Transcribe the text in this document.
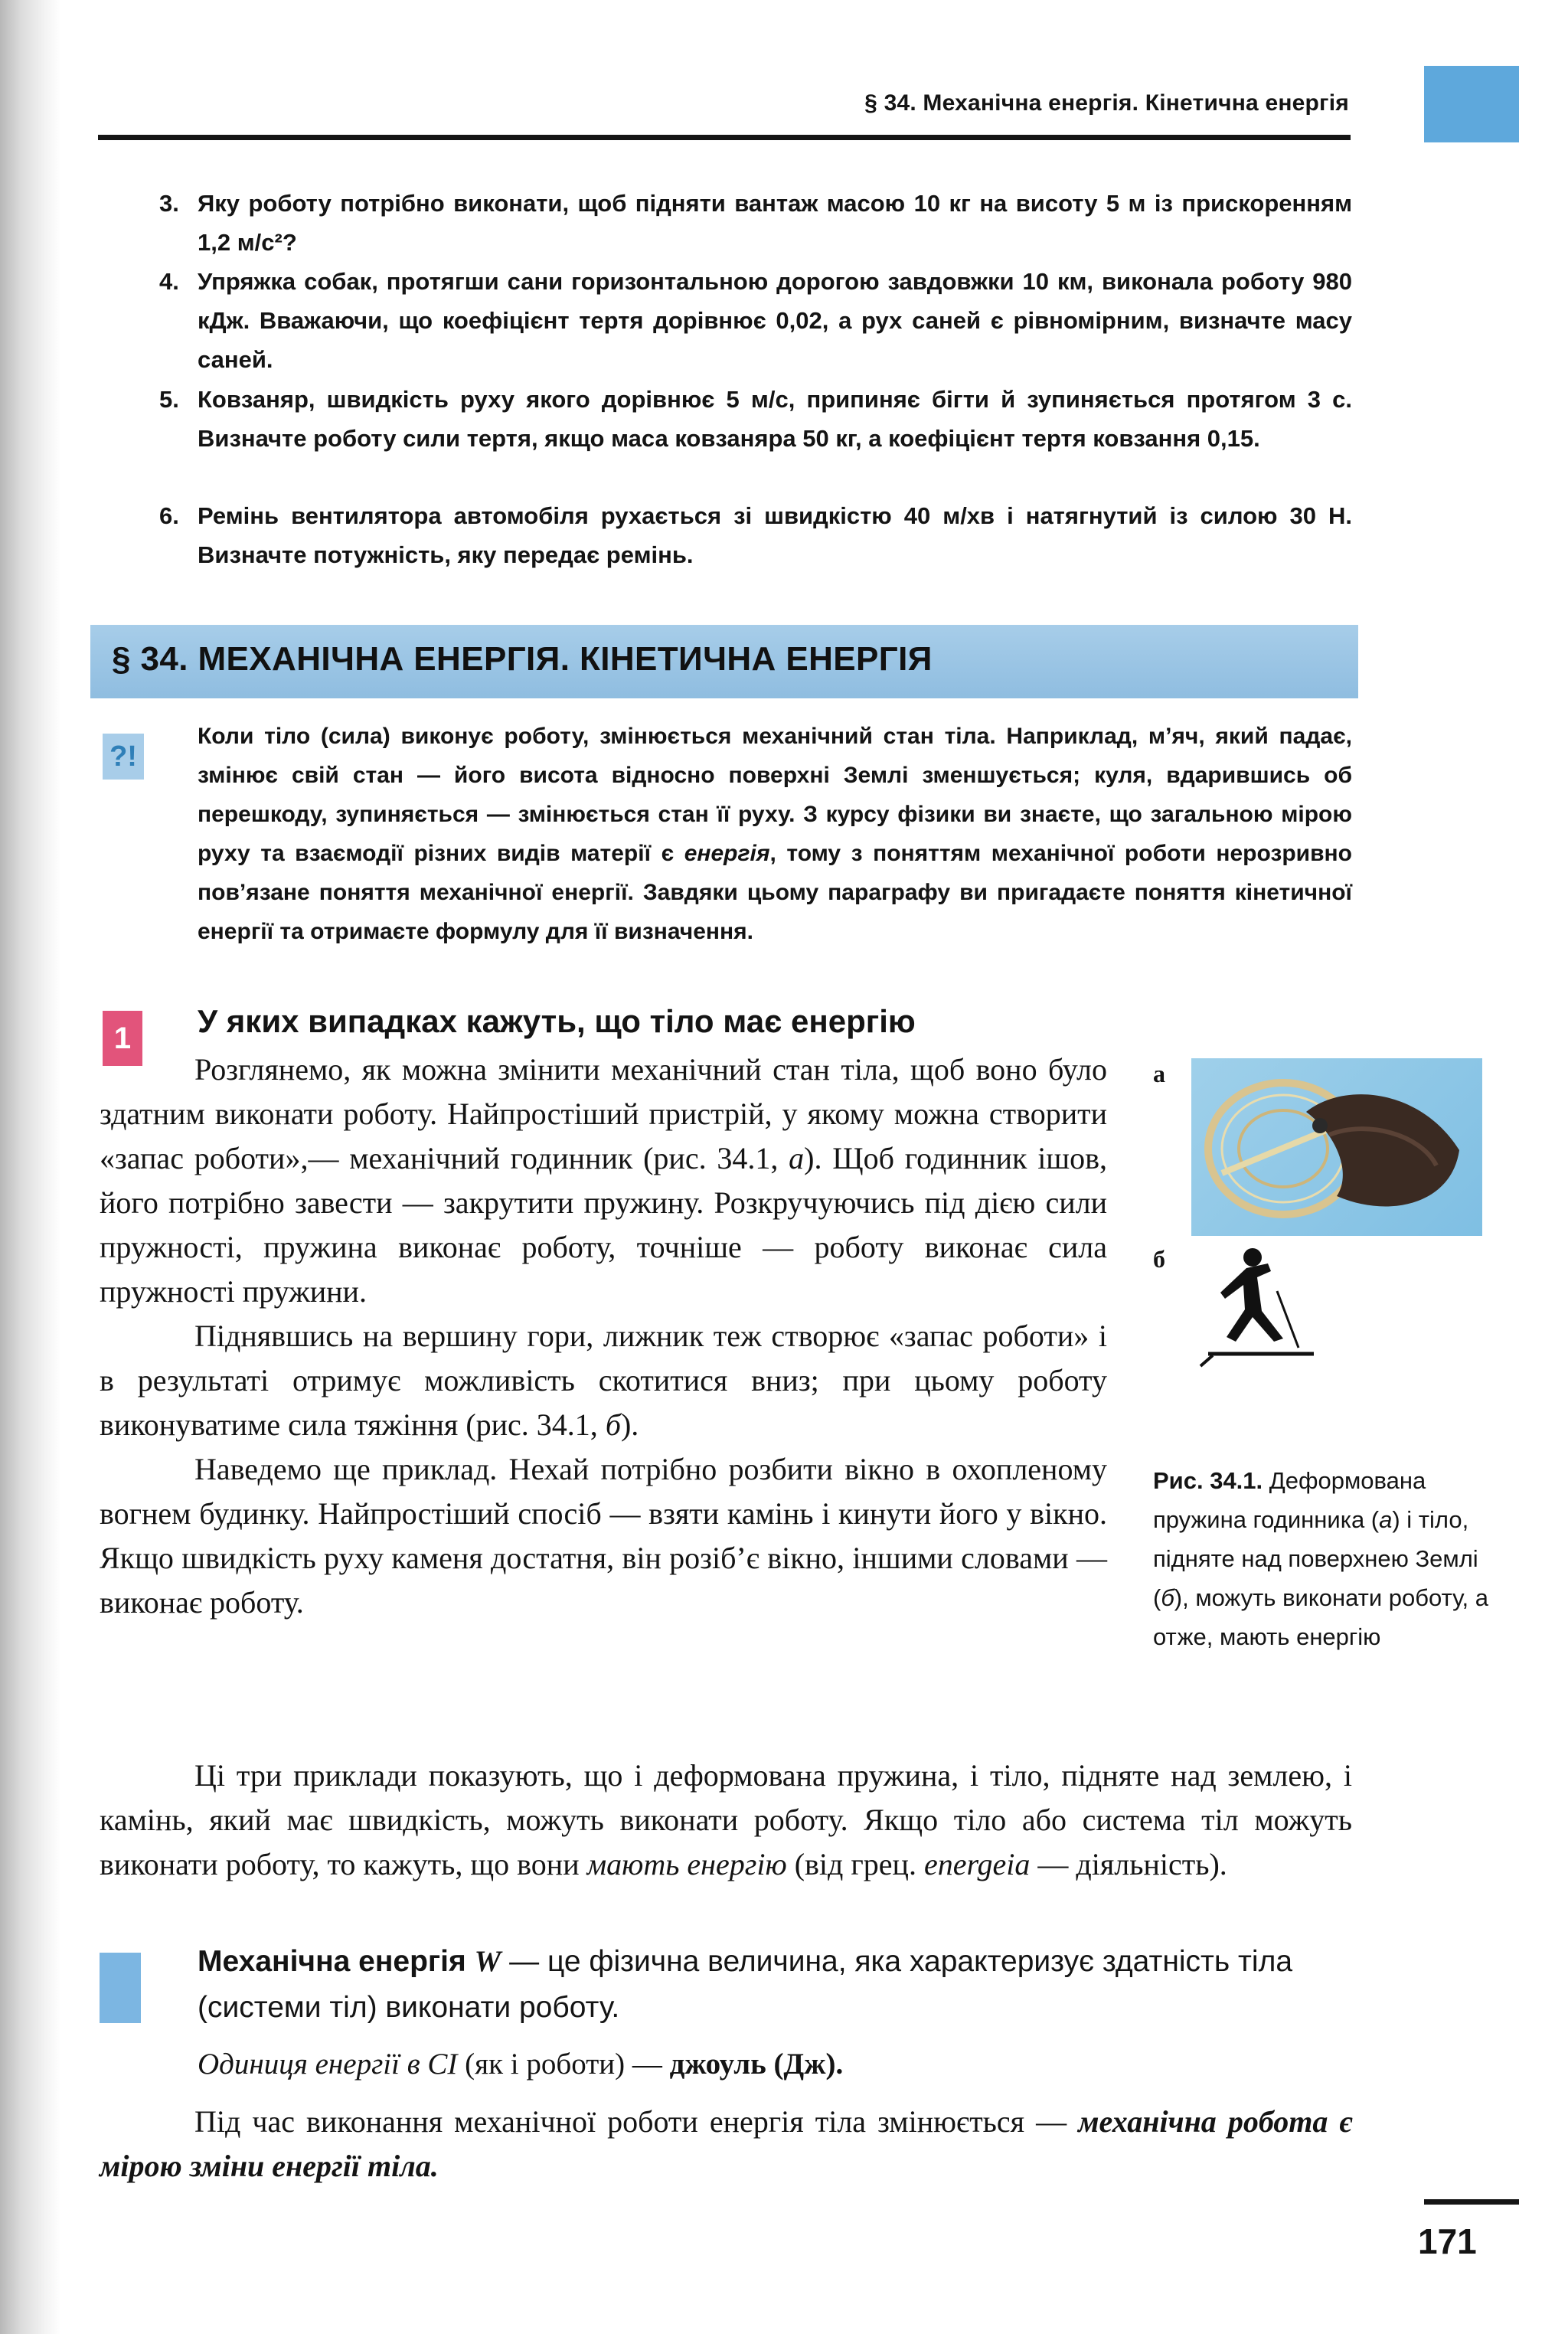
§ 34. Механічна енергія. Кінетична енергія
3. Яку роботу потрібно виконати, щоб підняти вантаж масою 10 кг на висоту 5 м із прискоренням 1,2 м/с²?
4. Упряжка собак, протягши сани горизонтальною дорогою завдовжки 10 км, виконала роботу 980 кДж. Вважаючи, що коефіцієнт тертя дорівнює 0,02, а рух саней є рівномірним, визначте масу саней.
5. Ковзаняр, швидкість руху якого дорівнює 5 м/с, припиняє бігти й зупиняється протягом 3 с. Визначте роботу сили тертя, якщо маса ковзаняра 50 кг, а коефіцієнт тертя ковзання 0,15.
6. Ремінь вентилятора автомобіля рухається зі швидкістю 40 м/хв і натягнутий із силою 30 Н. Визначте потужність, яку передає ремінь.
§ 34. МЕХАНІЧНА ЕНЕРГІЯ. КІНЕТИЧНА ЕНЕРГІЯ
?!
Коли тіло (сила) виконує роботу, змінюється механічний стан тіла. Наприклад, м’яч, який падає, змінює свій стан — його висота відносно поверхні Землі зменшується; куля, вдарившись об перешкоду, зупиняється — змінюється стан її руху. З курсу фізики ви знаєте, що загальною мірою руху та взаємодії різних видів матерії є енергія, тому з поняттям механічної роботи нерозривно пов’язане поняття механічної енергії. Завдяки цьому параграфу ви пригадаєте поняття кінетичної енергії та отримаєте формулу для її визначення.
1	У яких випадках кажуть, що тіло має енергію

Розглянемо, як можна змінити механічний стан тіла, щоб воно було здатним виконати роботу. Найпростіший пристрій, у якому можна створити «запас роботи»,— механічний годинник (рис. 34.1, а). Щоб годинник ішов, його потрібно завести — закрутити пружину. Розкручуючись під дією сили пружності, пружина виконає роботу, точніше — роботу виконає сила пружності пружини.

Піднявшись на вершину гори, лижник теж створює «запас роботи» і в результаті отримує можливість скотитися вниз; при цьому роботу виконуватиме сила тяжіння (рис. 34.1, б).

Наведемо ще приклад. Нехай потрібно розбити вікно в охопленому вогнем будинку. Найпростіший спосіб — взяти камінь і кинути його у вікно. Якщо швидкість руху каменя достатня, він розіб’є вікно, іншими словами — виконає роботу.

Ці три приклади показують, що і деформована пружина, і тіло, підняте над землею, і камінь, який має швидкість, можуть виконати роботу. Якщо тіло або система тіл можуть виконати роботу, то кажуть, що вони мають енергію (від грец. energeia — діяльність).

а
б
Рис. 34.1. Деформована пружина годинника (а) і тіло, підняте над поверхнею Землі (б), можуть виконати роботу, а отже, мають енергію
Механічна енергія W — це фізична величина, яка характеризує здатність тіла (системи тіл) виконати роботу.
Одиниця енергії в СІ (як і роботи) — джоуль (Дж).

Під час виконання механічної роботи енергія тіла змінюється — механічна робота є мірою зміни енергії тіла.

171
